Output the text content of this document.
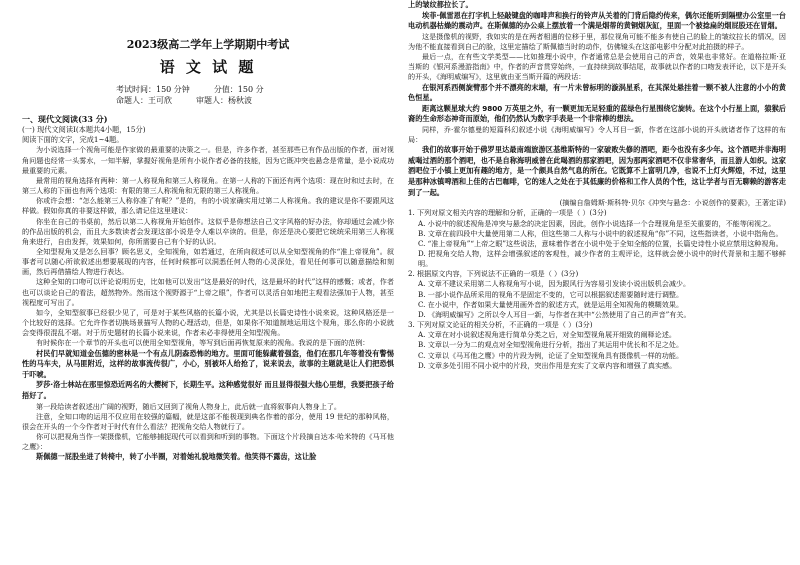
2023级高二学年上学期期中考试
语 文 试 题
考试时间：150 分钟	分值：150 分
命题人：王可欣	审题人：杨秋波
一、现代文阅读(33 分)
(一) 现代文阅读Ⅰ(本题共4小题，15分)
阅读下面的文字，完成1~4题。

为小说选择一个视角可能是作家做的最重要的决策之一。但是，许多作者，甚至那些已有作品出版的作者，面对视角问题也经常一头雾水，一知半解，掌握好视角是所有小说作者必备的技能，因为它既冲突也悬念是常量，是小说成功最重要的元素。

最常用的视角选择有两种：第一人称视角和第三人称视角。在第一人称的下面还有两个选项：现在时和过去时，在第三人称的下面也有两个选项：有限的第三人称视角和无限的第三人称视角。

你或许会想：“怎么能第三人称你准了有呢？”是的，有的小说家确实用过第二人称视角。我的建议是你不要跟风这样做。假如你真的非要这样做，那么请记住这里建议：

你坐在自己的书桌前，然后以第二人称视角开始创作。这似乎是你想法自己文字风格的好办法，你却通过会减少你的作品出版的机会，而且大多数读者会发现这部小说是令人难以卒读的。但是，你还是决心要把它统统采用第三人称视角来进行，自由发挥，效果如何，你所需要自己有个好的认识。

全知型视角又是怎么回事？顾名思义，全知视角，如若通过，在所向叙述可以从全知型视角的作“准上帝视角”。叙事者可以随心所欲叙述出想要展现的内容，任何时候都可以洞悉任何人物的心灵深处，看见任何事可以随意描绘和刻画，然后再借描绘人物进行表达。

这种全知的口吻可以评论说明历史，比如他可以发出“这是最好的时代，这是最坏的时代”这样的感慨；或者，作者也可以谈论自己的看法，超然物外。然而这个视野源于“上帝之眼”，作者可以灵活自如地把主观看法强加于人物，甚至视程度可写出了。

如今，全知型叙事已经很少见了，可是对于某些风格的长篇小说，尤其是以长篇史诗性小说来说，这种风格还是一个比较好的选择。它允许作者切换场景描写人物的心理活动，但是，如果你不知道制地运用这个视角，那么你的小说就会变得很混乱不堪。对于历史题材的长篇小说来说，作者未必非得使用全知型视角。

有时候你在一个章节的开头也可以使用全知型视角，等写到后面再恢复原来的视角。我说的是下面的范例：

村民们早就知道金伍德的密林是一个有点儿阴森恐怖的地方。里面可能躲藏着强盗，他们在那几年等着没有警惕性的马车夫，从马匪附近，这样的故事流传很广，小心，别被坏人给抢了，说来说去，故事的主题就是让人们把恐惧于吓唬。

罗莎·洛士林站在那里惊恐近两名的大樱树下，长期生平。这种感觉很好 而且显得很强大他心里想，我要把孩子给捂好了。

第一段给读者叙述出广阔的视野，随后又回到了视角人物身上，此后就一直将叙事向人物身上了。

注意，全知口吻的运用不仅应用在较强的篇幅，就是这部不能极现到典名作着的部分，使用 19 世纪的那种风格，很会在开头的一个今作者对于时代有什么看法？把视角交给人物就行了。

你可以把视角当作一架摄像机，它能够捕捉现代可以看到和听到的事物。下面这个片段摘自达本·哈米特的《马耳他之鹰》：

斯佩德一屁股坐进了转椅中，转了小半圈，对着她礼貌地微笑着。他笑得不露齿，这让脸

上的皱纹都拉长了。

埃菲·佩雷恩在打字机上轻敲键盘的咖啡声和换行的铃声从关着的门背后隐约传来，偶尔还能听到隔壁办公室里一台电动机器枯燥的震动声。在斯佩德的办公桌上摆放着一个满是烟蒂的黄铜烟灰缸，里面一个被捻扁的烟屁股还在冒烟。

这是摄像机的视野，我如实的是在两者相遇的位移于里，那位视角可能不能多有使自己的脸上的皱纹拉长的情况，因为他不能直接看到自己的脸，这里定描绘了斯佩德当时的动作，仿佛镜头在这部电影中分配对此拍摄的样子。

最后一点，在有些文学类型——比如推理小说中，作者通常总是会使用自己的声音，效果也非常好。在道格拉斯·亚当斯的《银河系漫游指南》中，作者的声音贯穿始终，一直持续到故事结尾，故事就以作者的口吻发表评论，以下是开头的开头，《海明威编写》，这里就由亚当斯开篇的两段话：

在银河系西侧旋臂那个并不漂亮的末端，有一片未曾标明的漩涡星系，在其深处悬挂着一颗不被人注意的小小的黄色恒星。

距离这颗星球大约 9800 万英里之外，有一颗更加无足轻重的蓝绿色行星围绕它旋转。在这个小行星上面，猿猴后裔的生命形态神奇而原始，他们仍然认为数字手表是一个非常棒的想法。

同样，乔·霍尔德曼的短篇科幻叙述小说《海明威编写》令人耳目一新，作者在这部小说的开头就诸者作了这样的布局：

我们的故事开始于佛罗里达最南端旅游区基维斯特的一家破败失修的酒吧，距今也没有多少年。这个酒吧并非海明威喝过酒的那个酒吧，也不是自称海明威曾在此喝酒的那家酒吧，因为那两家酒吧不仅非常奢华，而且游人如织。这家酒吧位于小镇上更加有趣的地方，是一个颇具自然气息的所在。它既算不上富明几净，也说不上灯火辉煌，不过，这里是那种冰镇啤酒和上佳的古巴咖啡，它的迷人之处在于其低廉的价格和工作人员的个性，这让学者与百无聊赖的游客走到了一起。

(摘编自詹姆斯·斯科特·贝尔《冲突与悬念：小说创作的要素》，王著定译)

1. 下列对原文相关内容的理解和分析，正确的一项是（ ）(3分)
A. 小说中的叙述视角是冲突与悬念的决定因素，因此，创作小说选择一个合理视角是至关重要的，不能等闲视之。
B. 文章在前四段中大量使用第二人称，但这些第二人称与小说中的叙述视角“你”不同，这些指读者，小说中指角色。
C. “准上帝视角”“上帝之眼”这些说法，意味着作者在小说中处于全知全能的位置，长篇史诗性小说应禁用这种视角。
D. 把视角交给人物，这样会增强叙述的客观性，减少作者的主观评论，这样就会使小说中的时代背景和主题不够鲜明。
2. 根据原文内容，下列说法不正确的一项是（ ）(3分)
A. 文章不建议采用第二人称视角写小说，因为跟风行为容易引发读小说出版机会减少。
B. 一部小说作品所采用的视角不是固定不变的，它可以根据叙述需要随时进行调整。
C. 在小说中，作者如果大量使用画外音的叙述方式，就是运用全知视角的模糊效果。
D. 《海明威编写》之所以令人耳目一新，与作者在其中“公然使用了自己的声音”有关。
3. 下列对原文论证的相关分析，不正确的一项是（ ）(3分)
A. 文章在对小说叙述视角进行简单分类之后，对全知型视角展开细致的阐释论述。
B. 文章以一分为二的观点对全知型视角进行分析，指出了其运用中优长和不足之处。
C. 文章以《马耳他之鹰》中的片段为例，论证了全知型视角具有摄像机一样的功能。
D. 文章多处引用不同小说中的片段，突出作用是充实了文章内容和增强了真实感。
